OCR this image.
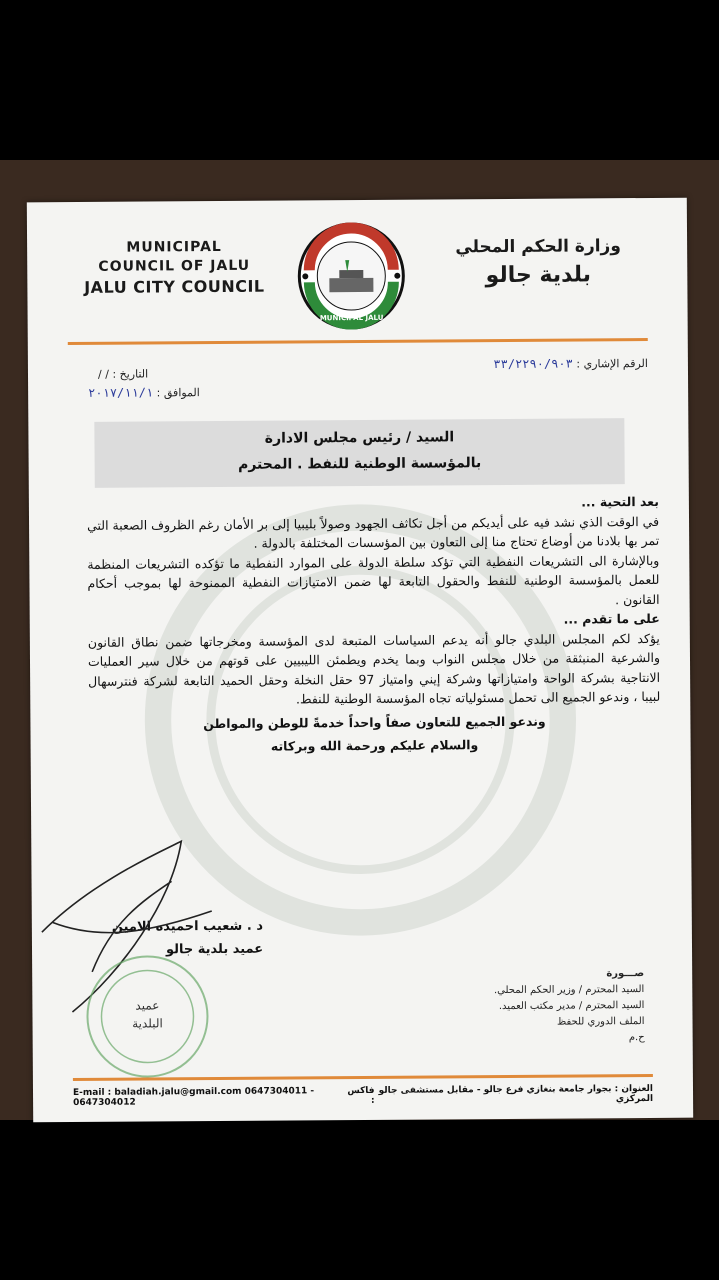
MUNICIPAL
COUNCIL OF JALU
JALU CITY COUNCIL
MUNICIPAL JALU
وزارة الحكم المحلي
بلدية جالو
الرقم الإشاري : ٣٣/٢٢٩٠/٩٠٣
التاريخ : / /
الموافق : ٢٠١٧/١١/١
السيد / رئيس مجلس الادارة
بالمؤسسة الوطنية للنفط . المحترم

بعد التحية ...

في الوقت الذي نشد فيه على أيديكم من أجل تكاثف الجهود وصولاً بليبيا إلى بر الأمان رغم الظروف الصعبة التي تمر بها بلادنا من أوضاع تحتاج منا إلى التعاون بين المؤسسات المختلفة بالدولة .

وبالإشارة الى التشريعات النفطية التي تؤكد سلطة الدولة على الموارد النفطية ما تؤكده التشريعات المنظمة للعمل بالمؤسسة الوطنية للنفط والحقول التابعة لها ضمن الامتيازات النفطية الممنوحة لها بموجب أحكام القانون .

على ما تقدم ...

يؤكد لكم المجلس البلدي جالو أنه يدعم السياسات المتبعة لدى المؤسسة ومخرجاتها ضمن نطاق القانون والشرعية المنبثقة من خلال مجلس النواب وبما يخدم ويطمئن الليبيين على قوتهم من خلال سير العمليات الانتاجية بشركة الواحة وامتيازاتها وشركة إيني وامتياز 97 حقل النخلة وحقل الحميد التابعة لشركة فنترسهال لبيبا ، وندعو الجميع الى تحمل مسئولياته تجاه المؤسسة الوطنية للنفط.

وندعو الجميع للتعاون صفاً واحداً خدمةً للوطن والمواطن
والسلام عليكم ورحمة الله وبركاته
د . شعيب احميده الامين
عميد بلدية جالو
عميد
البلدية
صـــورة
السيد المحترم / وزير الحكم المحلي.
السيد المحترم / مدير مكتب العميد.
الملف الدوري للحفظ
ح.م
E-mail : baladiah.jalu@gmail.com 0647304011 - 0647304012
فاكس :
العنوان : بجوار جامعة بنغازي فرع جالو - مقابل مستشفى جالو المركزي
